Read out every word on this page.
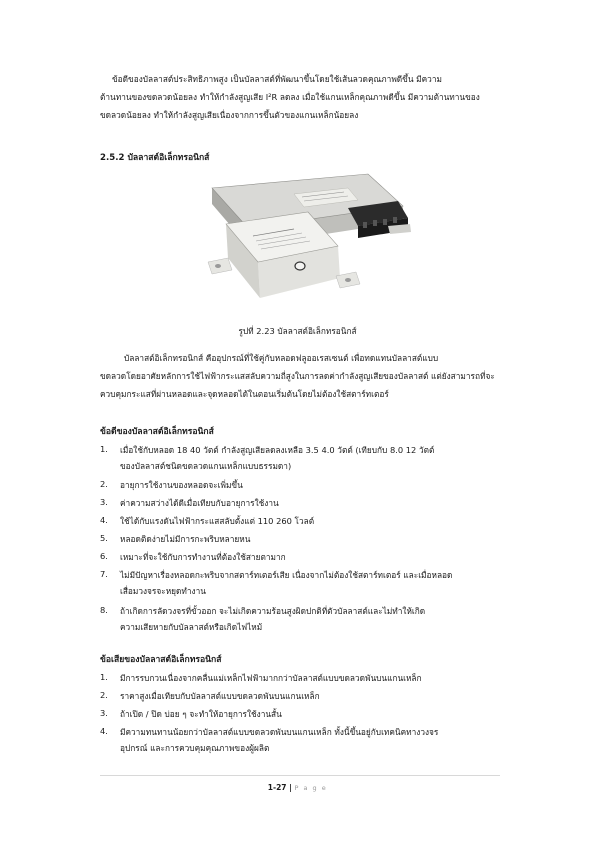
ข้อดีของบัลลาสต์ประสิทธิภาพสูง เป็นบัลลาสต์ที่พัฒนาขึ้นโดยใช้เส้นลวดคุณภาพดีขึ้น มีความ
ต้านทานของขดลวดน้อยลง ทำให้กำลังสูญเสีย I²R ลดลง เมื่อใช้แกนเหล็กคุณภาพดีขึ้น มีความต้านทานของ
ขดลวดน้อยลง ทำให้กำลังสูญเสียเนื่องจากการขึ้นตัวของแกนเหล็กน้อยลง
2.5.2 บัลลาสต์อิเล็กทรอนิกส์
รูปที่ 2.23 บัลลาสต์อิเล็กทรอนิกส์
บัลลาสต์อิเล็กทรอนิกส์ คืออุปกรณ์ที่ใช้คู่กับหลอดฟลูออเรสเซนต์ เพื่อทดแทนบัลลาสต์แบบ
ขดลวดโดยอาศัยหลักการใช้ไฟฟ้ากระแสสลับความถี่สูงในการลดค่ากำลังสูญเสียของบัลลาสต์ แต่ยังสามารถที่จะ
ควบคุมกระแสที่ผ่านหลอดและจุดหลอดได้ในตอนเริ่มต้นโดยไม่ต้องใช้สตาร์ทเตอร์
ข้อดีของบัลลาสต์อิเล็กทรอนิกส์
1. เมื่อใช้กับหลอด 18 40 วัตต์ กำลังสูญเสียลดลงเหลือ 3.5 4.0 วัตต์ (เทียบกับ 8.0 12 วัตต์
ของบัลลาสต์ชนิดขดลวดแกนเหล็กแบบธรรมดา)
2. อายุการใช้งานของหลอดจะเพิ่มขึ้น
3. ค่าความสว่างได้ดีเมื่อเทียบกับอายุการใช้งาน
4. ใช้ได้กับแรงดันไฟฟ้ากระแสสลับตั้งแต่ 110 260 โวลต์
5. หลอดติดง่ายไม่มีการกะพริบหลายหน
6. เหมาะที่จะใช้กับการทำงานที่ต้องใช้สายตามาก
7. ไม่มีปัญหาเรื่องหลอดกะพริบจากสตาร์ทเตอร์เสีย เนื่องจากไม่ต้องใช้สตาร์ทเตอร์ และเมื่อหลอด
เสื่อมวงจรจะหยุดทำงาน
8. ถ้าเกิดการลัดวงจรที่ขั้วออก จะไม่เกิดความร้อนสูงผิดปกติที่ตัวบัลลาสต์และไม่ทำให้เกิด
ความเสียหายกับบัลลาสต์หรือเกิดไฟไหม้
ข้อเสียของบัลลาสต์อิเล็กทรอนิกส์
1. มีการรบกวนเนื่องจากคลื่นแม่เหล็กไฟฟ้ามากกว่าบัลลาสต์แบบขดลวดพันบนแกนเหล็ก
2. ราคาสูงเมื่อเทียบกับบัลลาสต์แบบขดลวดพันบนแกนเหล็ก
3. ถ้าเปิด / ปิด บ่อย ๆ จะทำให้อายุการใช้งานสั้น
4. มีความทนทานน้อยกว่าบัลลาสต์แบบขดลวดพันบนแกนเหล็ก ทั้งนี้ขึ้นอยู่กับเทคนิคทางวงจร
อุปกรณ์ และการควบคุมคุณภาพของผู้ผลิต
1-27 | P a g e
